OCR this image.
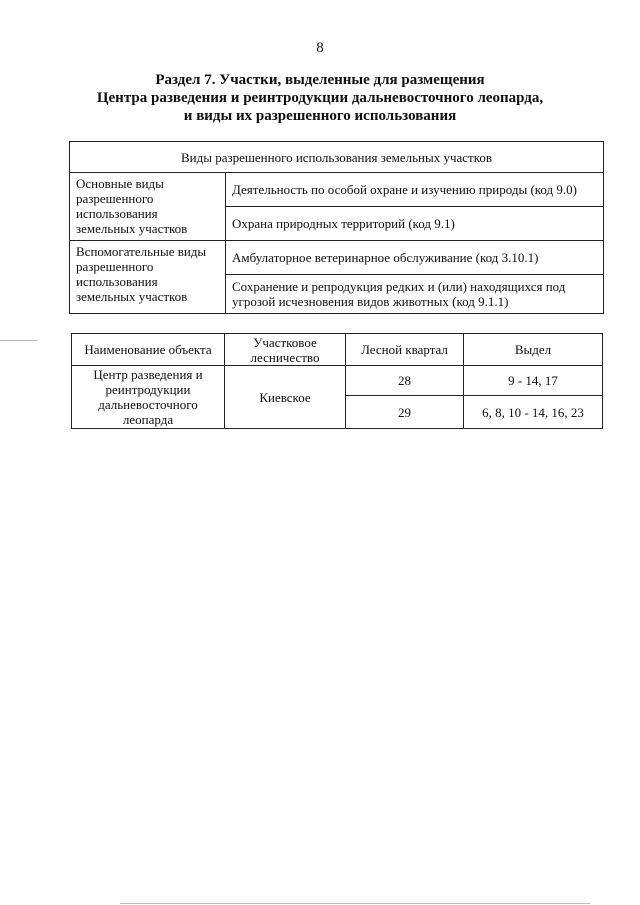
8
Раздел 7. Участки, выделенные для размещения
Центра разведения и реинтродукции дальневосточного леопарда,
и виды их разрешенного использования
Виды разрешенного использования земельных участков	
Основные виды разрешенного использования земельных участков	Деятельность по особой охране и изучению природы (код 9.0)
	Охрана природных территорий (код 9.1)
Вспомогательные виды разрешенного использования земельных участков	Амбулаторное ветеринарное обслуживание (код 3.10.1)
	Сохранение и репродукция редких и (или) находящихся под угрозой исчезновения видов животных (код 9.1.1)
Наименование объекта	Участковое лесничество	Лесной квартал	Выдел
Центр разведения и реинтродукции дальневосточного леопарда	Киевское	28	9 - 14, 17
		29	6, 8, 10 - 14, 16, 23
